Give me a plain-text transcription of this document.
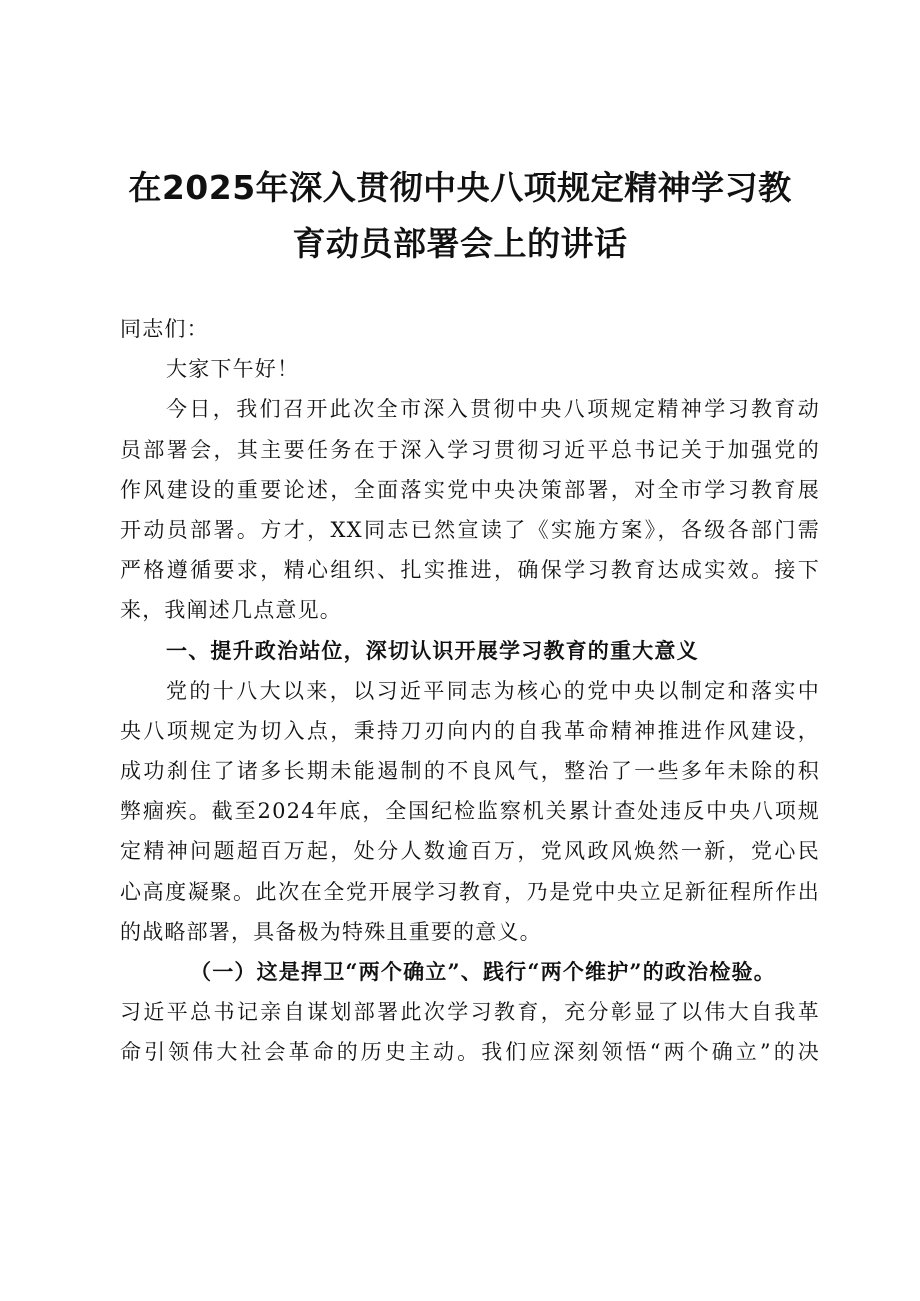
在2025年深入贯彻中央八项规定精神学习教
育动员部署会上的讲话
同志们：
大家下午好！
今日，我们召开此次全市深入贯彻中央八项规定精神学习教育动
员部署会，其主要任务在于深入学习贯彻习近平总书记关于加强党的
作风建设的重要论述，全面落实党中央决策部署，对全市学习教育展
开动员部署。方才，XX同志已然宣读了《实施方案》，各级各部门需
严格遵循要求，精心组织、扎实推进，确保学习教育达成实效。接下
来，我阐述几点意见。
一、提升政治站位，深切认识开展学习教育的重大意义
党的十八大以来，以习近平同志为核心的党中央以制定和落实中
央八项规定为切入点，秉持刀刃向内的自我革命精神推进作风建设，
成功刹住了诸多长期未能遏制的不良风气，整治了一些多年未除的积
弊痼疾。截至2024年底，全国纪检监察机关累计查处违反中央八项规
定精神问题超百万起，处分人数逾百万，党风政风焕然一新，党心民
心高度凝聚。此次在全党开展学习教育，乃是党中央立足新征程所作出
的战略部署，具备极为特殊且重要的意义。
（一）这是捍卫“两个确立”、践行“两个维护”的政治检验。
习近平总书记亲自谋划部署此次学习教育，充分彰显了以伟大自我革
命引领伟大社会革命的历史主动。我们应深刻领悟“两个确立”的决
